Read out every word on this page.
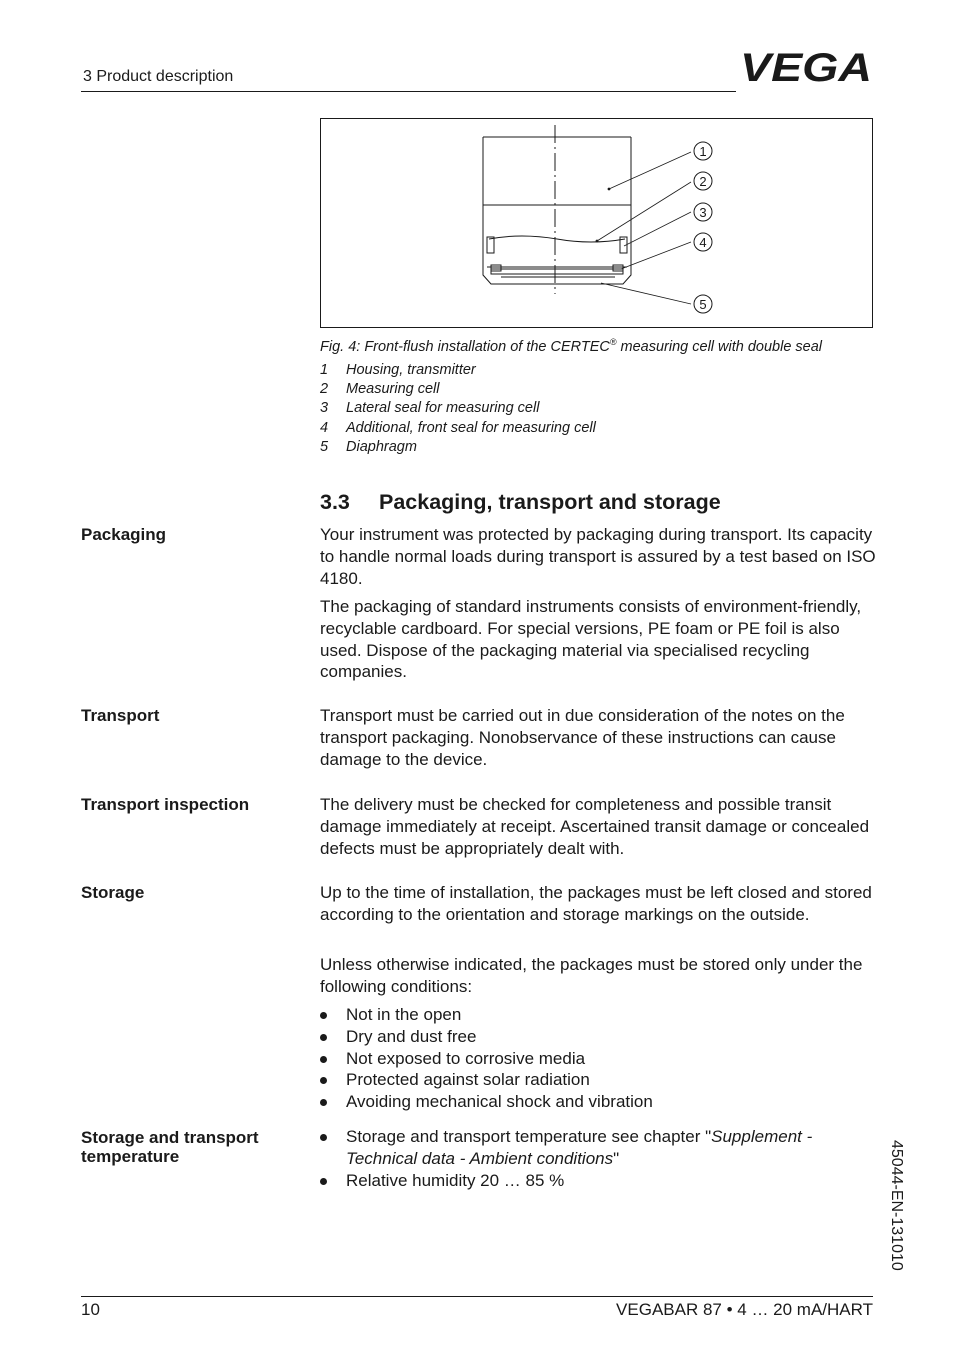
3 Product description	VEGA
1
2
3
4
5
Fig. 4: Front-flush installation of the CERTEC® measuring cell with double seal
1	Housing, transmitter
2	Measuring cell
3	Lateral seal for measuring cell
4	Additional, front seal for measuring cell
5	Diaphragm
3.3	Packaging, transport and storage
Packaging	Your instrument was protected by packaging during transport. Its capacity to handle normal loads during transport is assured by a test based on ISO 4180.
The packaging of standard instruments consists of environment-friendly, recyclable cardboard. For special versions, PE foam or PE foil is also used. Dispose of the packaging material via specialised recycling companies.
Transport	Transport must be carried out in due consideration of the notes on the transport packaging. Nonobservance of these instructions can cause damage to the device.
Transport inspection	The delivery must be checked for completeness and possible transit damage immediately at receipt. Ascertained transit damage or concealed defects must be appropriately dealt with.
Storage	Up to the time of installation, the packages must be left closed and stored according to the orientation and storage markings on the outside.
Unless otherwise indicated, the packages must be stored only under the following conditions:
Not in the open
Dry and dust free
Not exposed to corrosive media
Protected against solar radiation
Avoiding mechanical shock and vibration
Storage and transport
temperature
Storage and transport temperature see chapter "Supplement -
Technical data - Ambient conditions"
Relative humidity 20 … 85 %	45044-EN-131010
10	VEGABAR 87 • 4 … 20 mA/HART
